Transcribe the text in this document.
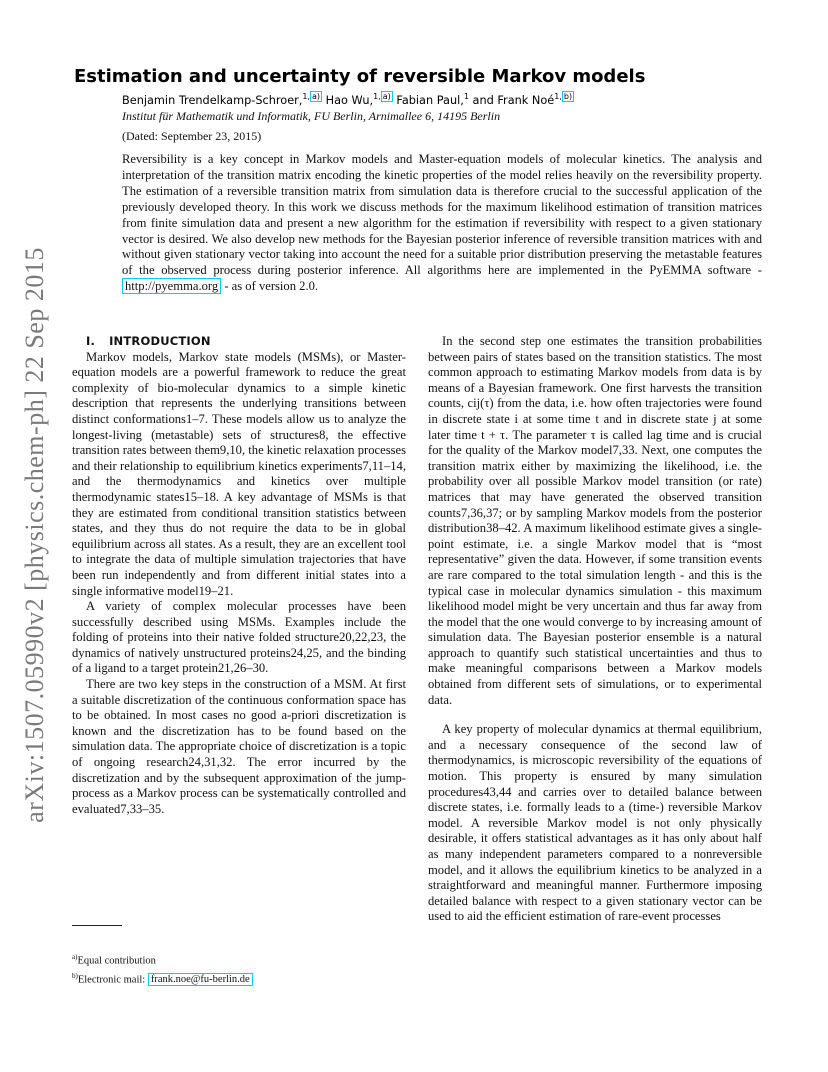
arXiv:1507.05990v2 [physics.chem-ph] 22 Sep 2015
Estimation and uncertainty of reversible Markov models
Benjamin Trendelkamp-Schroer,$^{1,}$ $^{a)}$ Hao Wu,$^{1,}$ $^{a)}$ Fabian Paul,$^1$ and Frank Noé$^{1,}$ $^{b)}$
Institut für Mathematik und Informatik, FU Berlin, Arnimallee 6, 14195 Berlin
(Dated: September 23, 2015)
Reversibility is a key concept in Markov models and Master-equation models of molecular kinetics. The analysis and interpretation of the transition matrix encoding the kinetic properties of the model relies heavily on the reversibility property. The estimation of a reversible transition matrix from simulation data is therefore crucial to the successful application of the previously developed theory. In this work we discuss methods for the maximum likelihood estimation of transition matrices from finite simulation data and present a new algorithm for the estimation if reversibility with respect to a given stationary vector is desired. We also develop new methods for the Bayesian posterior inference of reversible transition matrices with and without given stationary vector taking into account the need for a suitable prior distribution preserving the metastable features of the observed process during posterior inference. All algorithms here are implemented in the PyEMMA software - http://pyemma.org - as of version 2.0.

I. INTRODUCTION

Markov models, Markov state models (MSMs), or Master-equation models are a powerful framework to reduce the great complexity of bio-molecular dynamics to a simple kinetic description that represents the underlying transitions between distinct conformations1–7. These models allow us to analyze the longest-living (metastable) sets of structures8, the effective transition rates between them9,10, the kinetic relaxation processes and their relationship to equilibrium kinetics experiments7,11–14, and the thermodynamics and kinetics over multiple thermodynamic states15–18. A key advantage of MSMs is that they are estimated from conditional transition statistics between states, and they thus do not require the data to be in global equilibrium across all states. As a result, they are an excellent tool to integrate the data of multiple simulation trajectories that have been run independently and from different initial states into a single informative model19–21.

A variety of complex molecular processes have been successfully described using MSMs. Examples include the folding of proteins into their native folded structure20,22,23, the dynamics of natively unstructured proteins24,25, and the binding of a ligand to a target protein21,26–30.

There are two key steps in the construction of a MSM. At first a suitable discretization of the continuous conformation space has to be obtained. In most cases no good a-priori discretization is known and the discretization has to be found based on the simulation data. The appropriate choice of discretization is a topic of ongoing research24,31,32. The error incurred by the discretization and by the subsequent approximation of the jump-process as a Markov process can be systematically controlled and evaluated7,33–35.

In the second step one estimates the transition probabilities between pairs of states based on the transition statistics. The most common approach to estimating Markov models from data is by means of a Bayesian framework. One first harvests the transition counts, cij(τ) from the data, i.e. how often trajectories were found in discrete state i at some time t and in discrete state j at some later time t + τ. The parameter τ is called lag time and is crucial for the quality of the Markov model7,33. Next, one computes the transition matrix either by maximizing the likelihood, i.e. the probability over all possible Markov model transition (or rate) matrices that may have generated the observed transition counts7,36,37; or by sampling Markov models from the posterior distribution38–42. A maximum likelihood estimate gives a single-point estimate, i.e. a single Markov model that is “most representative” given the data. However, if some transition events are rare compared to the total simulation length - and this is the typical case in molecular dynamics simulation - this maximum likelihood model might be very uncertain and thus far away from the model that the one would converge to by increasing amount of simulation data. The Bayesian posterior ensemble is a natural approach to quantify such statistical uncertainties and thus to make meaningful comparisons between a Markov models obtained from different sets of simulations, or to experimental data.

A key property of molecular dynamics at thermal equilibrium, and a necessary consequence of the second law of thermodynamics, is microscopic reversibility of the equations of motion. This property is ensured by many simulation procedures43,44 and carries over to detailed balance between discrete states, i.e. formally leads to a (time-) reversible Markov model. A reversible Markov model is not only physically desirable, it offers statistical advantages as it has only about half as many independent parameters compared to a nonreversible model, and it allows the equilibrium kinetics to be analyzed in a straightforward and meaningful manner. Furthermore imposing detailed balance with respect to a given stationary vector can be used to aid the efficient estimation of rare-event processes

$^{a)}$Equal contribution
$^{b)}$Electronic mail: frank.noe@fu-berlin.de
